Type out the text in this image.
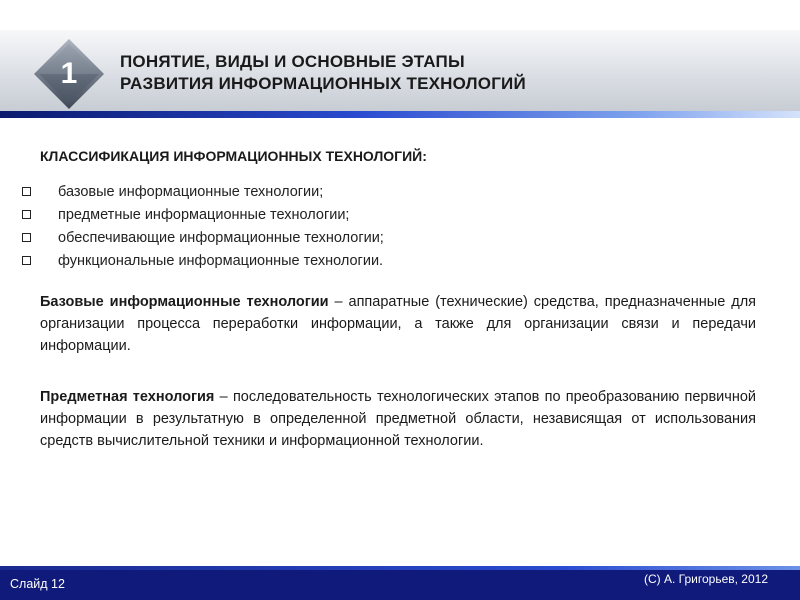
1	ПОНЯТИЕ, ВИДЫ И ОСНОВНЫЕ ЭТАПЫ
РАЗВИТИЯ ИНФОРМАЦИОННЫХ ТЕХНОЛОГИЙ
КЛАССИФИКАЦИЯ ИНФОРМАЦИОННЫХ ТЕХНОЛОГИЙ:
базовые информационные технологии;
предметные информационные технологии;
обеспечивающие информационные технологии;
функциональные информационные технологии.
Базовые информационные технологии – аппаратные (технические) средства, предназначенные для организации процесса переработки информации, а также для организации связи и передачи информации.
Предметная технология – последовательность технологических этапов по преобразованию первичной информации в результатную в определенной предметной области, независящая от использования средств вычислительной техники и информационной технологии.
Слайд 12	(С) А. Григорьев, 2012
